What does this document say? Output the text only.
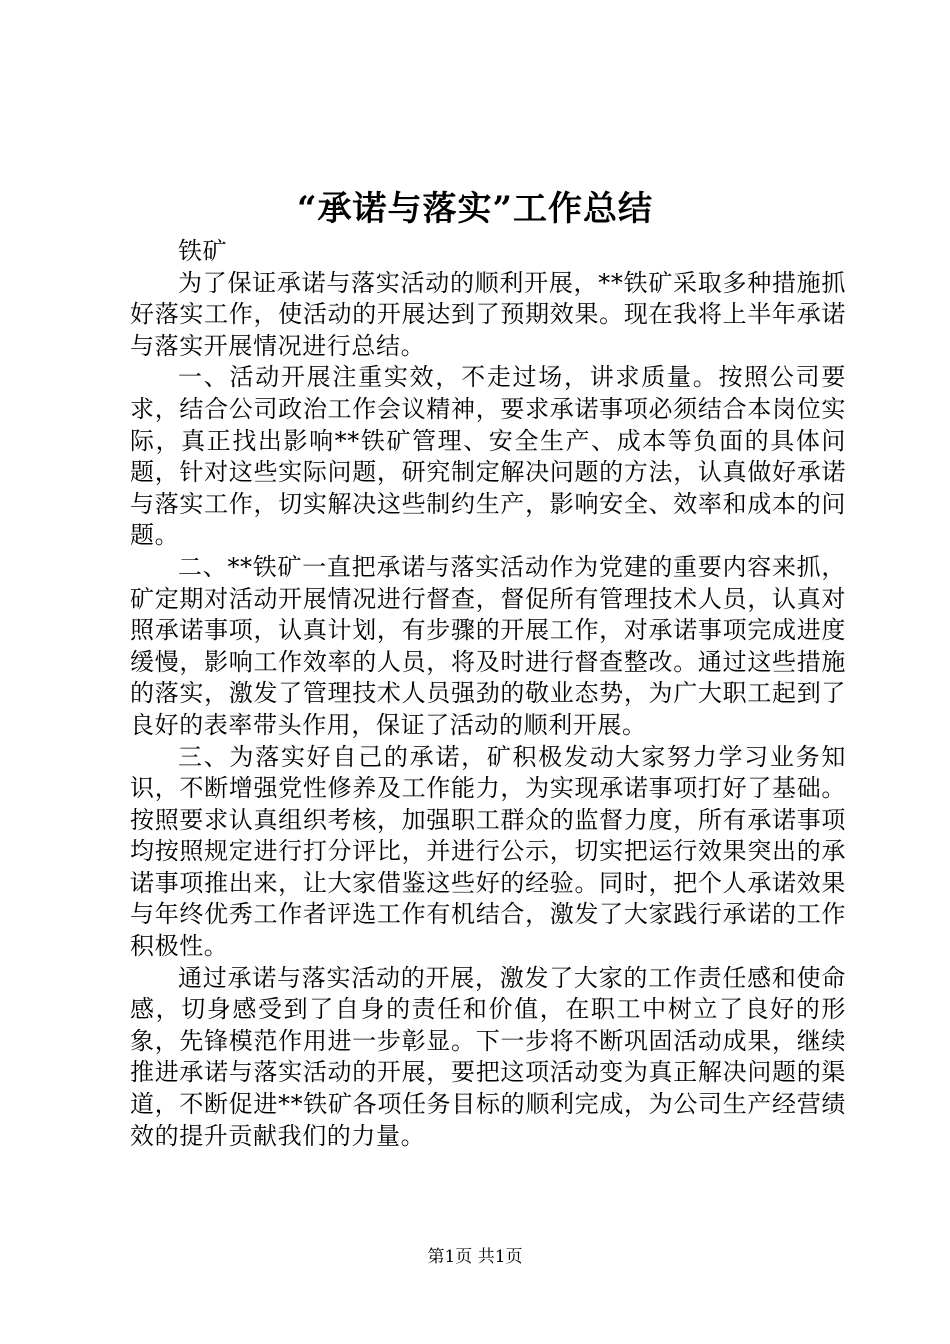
“承诺与落实”工作总结

铁矿

为了保证承诺与落实活动的顺利开展，**铁矿采取多种措施抓好落实工作，使活动的开展达到了预期效果。现在我将上半年承诺与落实开展情况进行总结。

一、活动开展注重实效，不走过场，讲求质量。按照公司要求，结合公司政治工作会议精神，要求承诺事项必须结合本岗位实际，真正找出影响**铁矿管理、安全生产、成本等负面的具体问题，针对这些实际问题，研究制定解决问题的方法，认真做好承诺与落实工作，切实解决这些制约生产，影响安全、效率和成本的问题。

二、**铁矿一直把承诺与落实活动作为党建的重要内容来抓，矿定期对活动开展情况进行督查，督促所有管理技术人员，认真对照承诺事项，认真计划，有步骤的开展工作，对承诺事项完成进度缓慢，影响工作效率的人员，将及时进行督查整改。通过这些措施的落实，激发了管理技术人员强劲的敬业态势，为广大职工起到了良好的表率带头作用，保证了活动的顺利开展。

三、为落实好自己的承诺，矿积极发动大家努力学习业务知识，不断增强党性修养及工作能力，为实现承诺事项打好了基础。按照要求认真组织考核，加强职工群众的监督力度，所有承诺事项均按照规定进行打分评比，并进行公示，切实把运行效果突出的承诺事项推出来，让大家借鉴这些好的经验。同时，把个人承诺效果与年终优秀工作者评选工作有机结合，激发了大家践行承诺的工作积极性。

通过承诺与落实活动的开展，激发了大家的工作责任感和使命感，切身感受到了自身的责任和价值，在职工中树立了良好的形象，先锋模范作用进一步彰显。下一步将不断巩固活动成果，继续推进承诺与落实活动的开展，要把这项活动变为真正解决问题的渠道，不断促进**铁矿各项任务目标的顺利完成，为公司生产经营绩效的提升贡献我们的力量。

第1页 共1页
